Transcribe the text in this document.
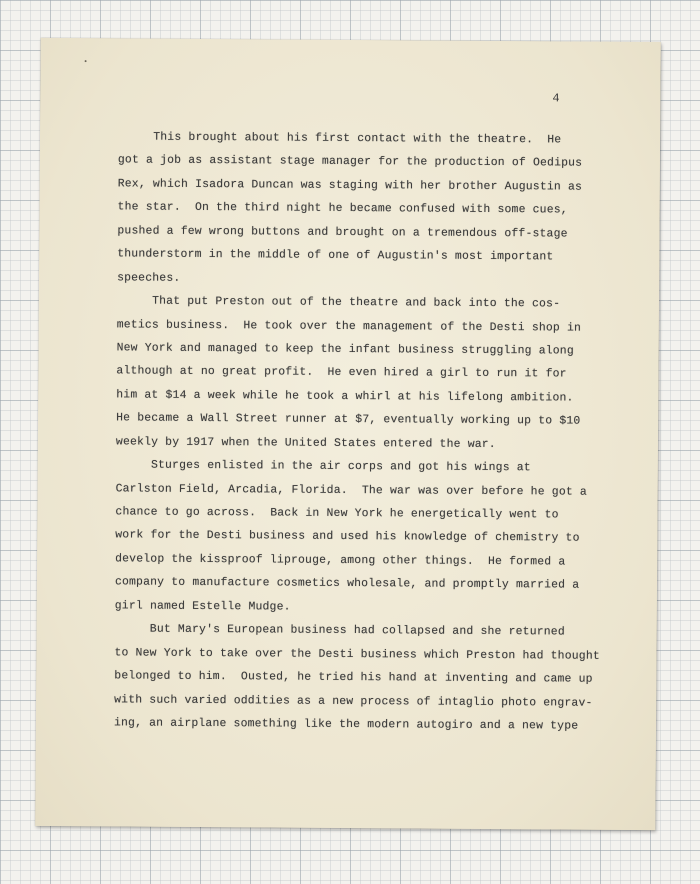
4
This brought about his first contact with the theatre.  He
got a job as assistant stage manager for the production of Oedipus
Rex, which Isadora Duncan was staging with her brother Augustin as
the star.  On the third night he became confused with some cues,
pushed a few wrong buttons and brought on a tremendous off-stage
thunderstorm in the middle of one of Augustin's most important
speeches.
That put Preston out of the theatre and back into the cos-
metics business.  He took over the management of the Desti shop in
New York and managed to keep the infant business struggling along
although at no great profit.  He even hired a girl to run it for
him at $14 a week while he took a whirl at his lifelong ambition.
He became a Wall Street runner at $7, eventually working up to $10
weekly by 1917 when the United States entered the war.
Sturges enlisted in the air corps and got his wings at
Carlston Field, Arcadia, Florida.  The war was over before he got a
chance to go across.  Back in New York he energetically went to
work for the Desti business and used his knowledge of chemistry to
develop the kissproof liprouge, among other things.  He formed a
company to manufacture cosmetics wholesale, and promptly married a
girl named Estelle Mudge.
But Mary's European business had collapsed and she returned
to New York to take over the Desti business which Preston had thought
belonged to him.  Ousted, he tried his hand at inventing and came up
with such varied oddities as a new process of intaglio photo engrav-
ing, an airplane something like the modern autogiro and a new type
